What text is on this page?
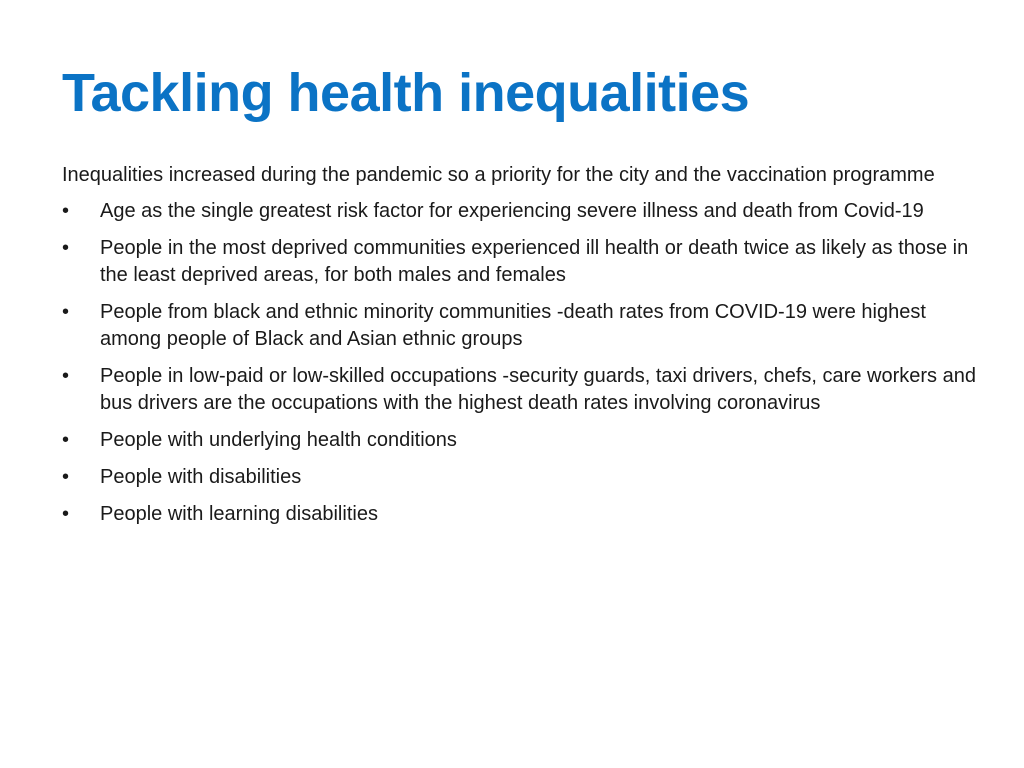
Tackling health inequalities

Inequalities increased during the pandemic so a priority for the city and the vaccination programme

•	Age as the single greatest risk factor for experiencing severe illness and death from Covid-19
•	People in the most deprived communities experienced ill health or death twice as likely as those in the least deprived areas, for both males and females
•	People from black and ethnic minority communities -death rates from COVID-19 were highest among people of Black and Asian ethnic groups
•	People in low-paid or low-skilled occupations -security guards, taxi drivers, chefs, care workers and bus drivers are the occupations with the highest death rates involving coronavirus
•	People with underlying health conditions
•	People with disabilities
•	People with learning disabilities
